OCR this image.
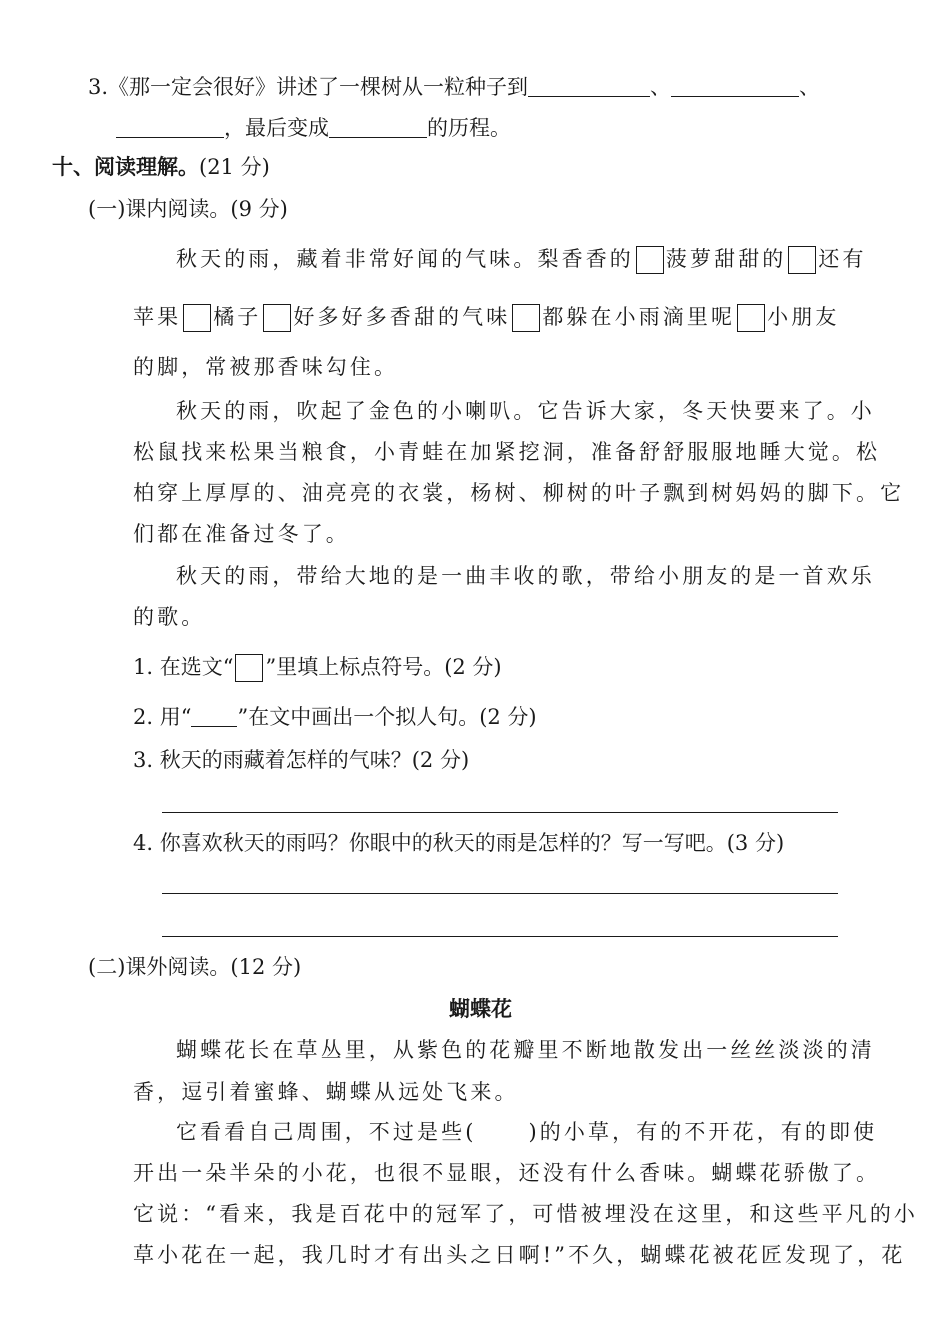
3.《那一定会很好》讲述了一棵树从一粒种子到	、	、
，最后变成	的历程。
十、阅读理解。(21 分)
(一)课内阅读。(9 分)
秋天的雨，藏着非常好闻的气味。梨香香的 菠萝甜甜的 还有
苹果 橘子 好多好多香甜的气味 都躲在小雨滴里呢 小朋友
的脚，常被那香味勾住。
秋天的雨，吹起了金色的小喇叭。它告诉大家，冬天快要来了。小
松鼠找来松果当粮食，小青蛙在加紧挖洞，准备舒舒服服地睡大觉。松
柏穿上厚厚的、油亮亮的衣裳，杨树、柳树的叶子飘到树妈妈的脚下。它
们都在准备过冬了。
秋天的雨，带给大地的是一曲丰收的歌，带给小朋友的是一首欢乐
的歌。
1. 在选文“ ”里填上标点符号。(2 分)
2. 用“ ”在文中画出一个拟人句。(2 分)
3. 秋天的雨藏着怎样的气味？(2 分)
4. 你喜欢秋天的雨吗？你眼中的秋天的雨是怎样的？写一写吧。(3 分)
(二)课外阅读。(12 分)
蝴蝶花
蝴蝶花长在草丛里，从紫色的花瓣里不断地散发出一丝丝淡淡的清
香，逗引着蜜蜂、蝴蝶从远处飞来。
它看看自己周围，不过是些( )的小草，有的不开花，有的即使
开出一朵半朵的小花，也很不显眼，还没有什么香味。蝴蝶花骄傲了。
它说：“看来，我是百花中的冠军了，可惜被埋没在这里，和这些平凡的小
草小花在一起，我几时才有出头之日啊!”不久，蝴蝶花被花匠发现了，花
